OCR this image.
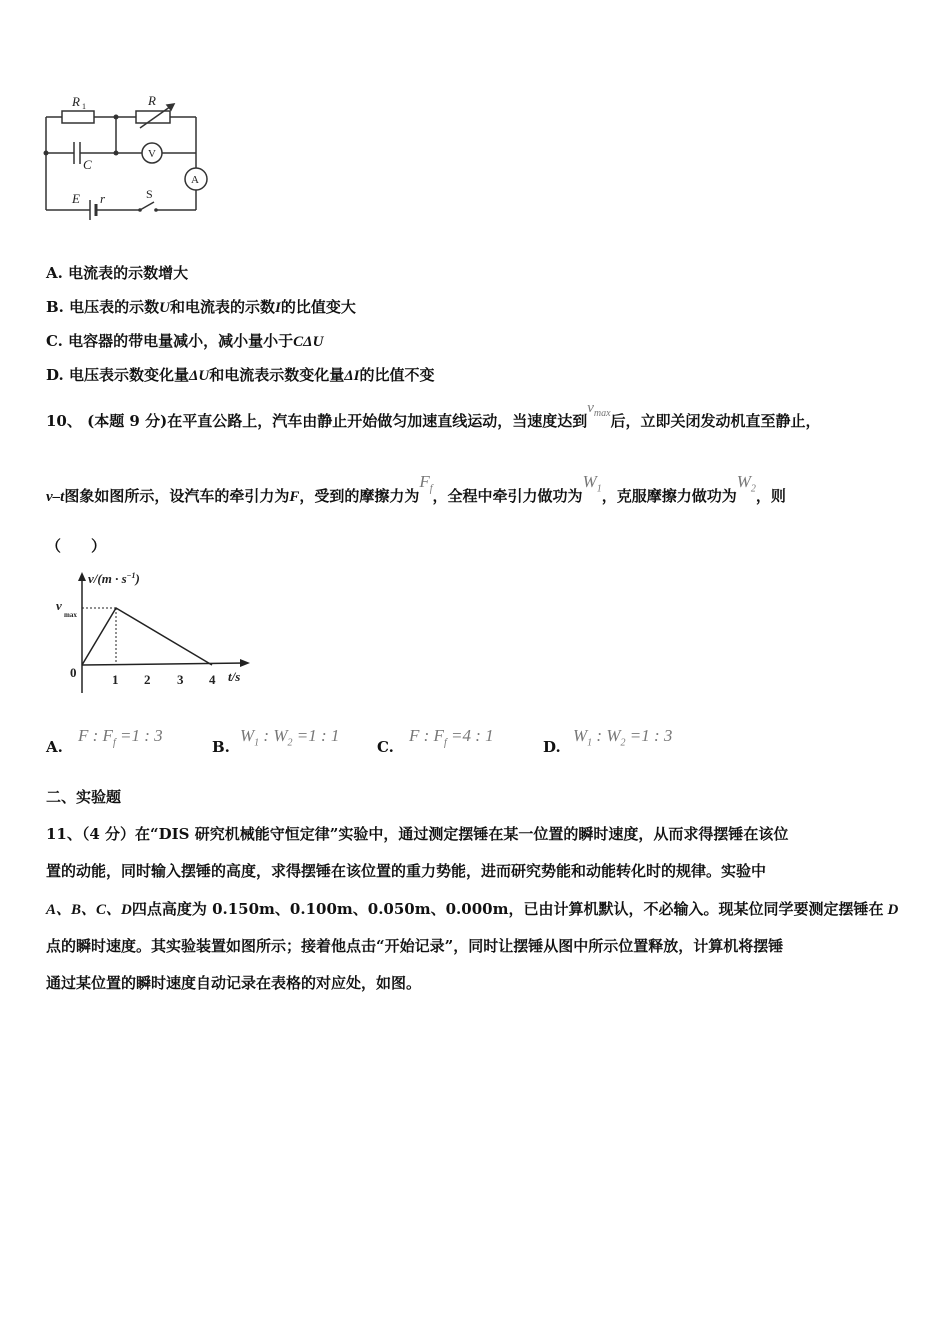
R 1	R
C
V
A
E r	S
A. 电流表的示数增大
B. 电压表的示数U和电流表的示数I的比值变大
C. 电容器的带电量减小，减小量小于CΔU
D. 电压表示数变化量ΔU和电流表示数变化量ΔI的比值不变
10、 (本题 9 分)在平直公路上，汽车由静止开始做匀加速直线运动，当速度达到$v_{max}$后，立即关闭发动机直至静止，
v–t图象如图所示，设汽车的牵引力为F，受到的摩擦力为$F_f$，全程中牵引力做功为$W_1$，克服摩擦力做功为$W_2$，则
（　　）
$v/(m \cdot s^{-1})$
v
max
0	1 2 3 4 t/s
A.
F : $F_f =1$ : 3
B.
$W_1$ : $W_2 =1$ : 1
C.
F : $F_f =4$ : 1
D.
$W_1$ : $W_2 =1$ : 3
二、实验题
11、（4 分）在“DIS 研究机械能守恒定律”实验中，通过测定摆锤在某一位置的瞬时速度，从而求得摆锤在该位
置的动能，同时输入摆锤的高度，求得摆锤在该位置的重力势能，进而研究势能和动能转化时的规律。实验中
A、B、C、D四点高度为 0.150m、0.100m、0.050m、0.000m，已由计算机默认，不必输入。现某位同学要测定摆锤在 D
点的瞬时速度。其实验装置如图所示；接着他点击“开始记录”，同时让摆锤从图中所示位置释放，计算机将摆锤
通过某位置的瞬时速度自动记录在表格的对应处，如图。
